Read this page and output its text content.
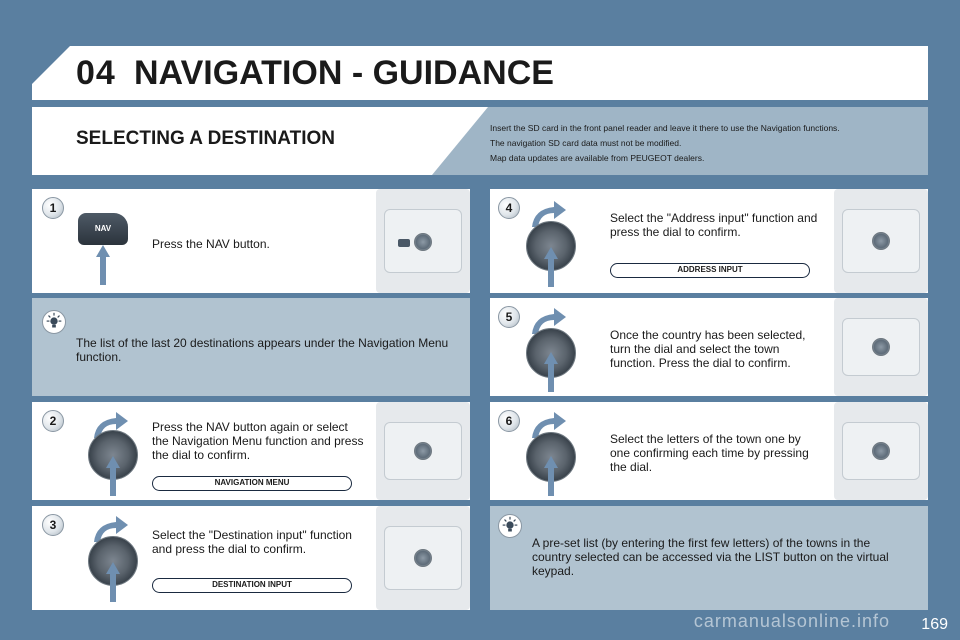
04 NAVIGATION - GUIDANCE
SELECTING A DESTINATION	Insert the SD card in the front panel reader and leave it there to use the Navigation functions.
The navigation SD card data must not be modified.
Map data updates are available from PEUGEOT dealers.
1
NAV
Press the NAV button.
The list of the last 20 destinations appears under the Navigation Menu function.
2	Press the NAV button again or select the Navigation Menu function and press the dial to confirm.
NAVIGATION MENU
3
Select the "Destination input" function and press the dial to confirm.
DESTINATION INPUT
4
Select the "Address input" function and press the dial to confirm.
ADDRESS INPUT
5
Once the country has been selected, turn the dial and select the town function. Press the dial to confirm.
6
Select the letters of the town one by one confirming each time by pressing the dial.
A pre-set list (by entering the first few letters) of the towns in the country selected can be accessed via the LIST button on the virtual keypad.
carmanualsonline.info 169
